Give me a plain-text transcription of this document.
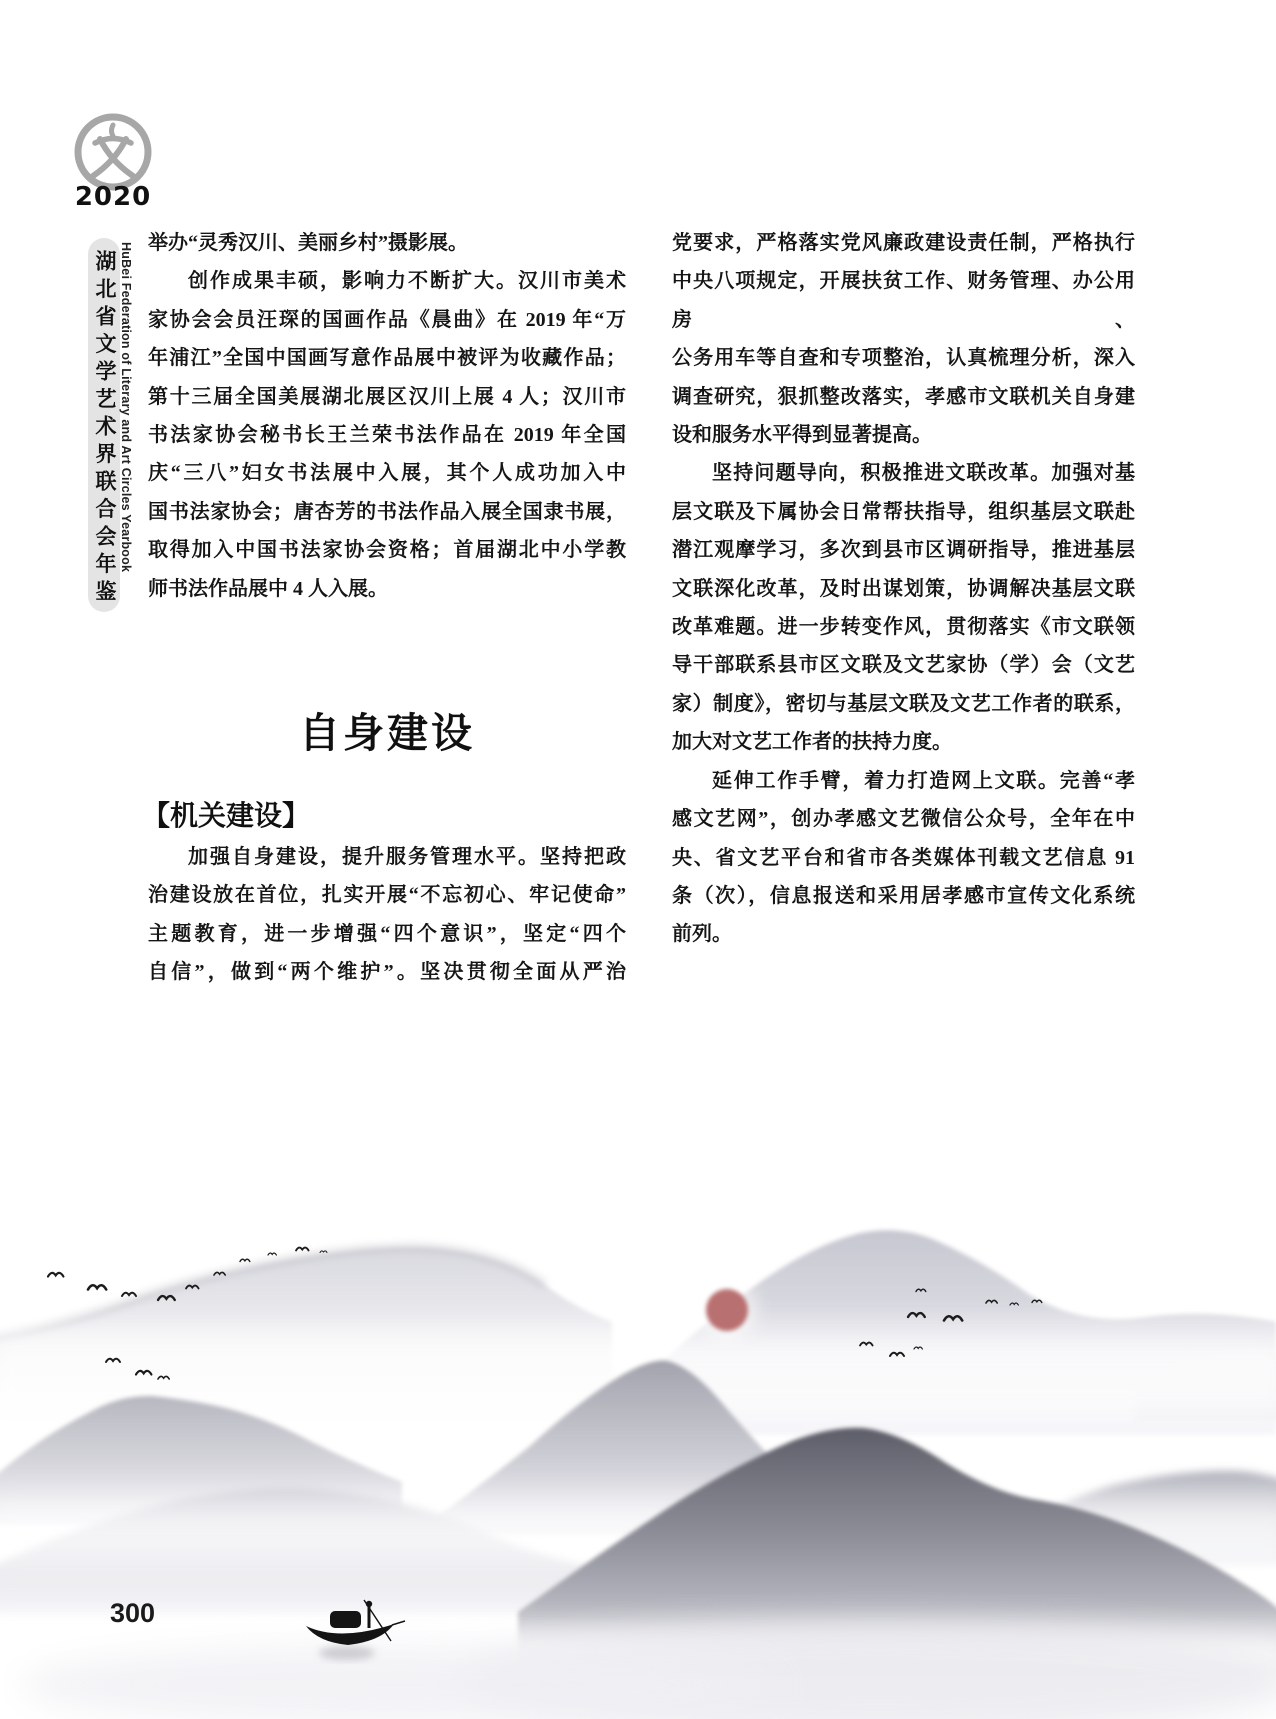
2020
湖北省文学艺术界联合会年鉴 HuBei Federation of Literary and Art Circles Yearbook 举办“灵秀汉川、美丽乡村”摄影展。
创作成果丰硕，影响力不断扩大。汉川市美术
家协会会员汪琛的国画作品《晨曲》在 2019 年“万
年浦江”全国中国画写意作品展中被评为收藏作品；
第十三届全国美展湖北展区汉川上展 4 人；汉川市
书法家协会秘书长王兰荣书法作品在 2019 年全国
庆“三八”妇女书法展中入展，其个人成功加入中
国书法家协会；唐杏芳的书法作品入展全国隶书展，
取得加入中国书法家协会资格；首届湖北中小学教
师书法作品展中 4 人入展。
自身建设
【机关建设】
加强自身建设，提升服务管理水平。坚持把政
治建设放在首位，扎实开展“不忘初心、牢记使命”
主题教育，进一步增强“四个意识”，坚定“四个
自信”，做到“两个维护”。坚决贯彻全面从严治
党要求，严格落实党风廉政建设责任制，严格执行
中央八项规定，开展扶贫工作、财务管理、办公用房、
公务用车等自查和专项整治，认真梳理分析，深入
调查研究，狠抓整改落实，孝感市文联机关自身建
设和服务水平得到显著提高。
坚持问题导向，积极推进文联改革。加强对基
层文联及下属协会日常帮扶指导，组织基层文联赴
潜江观摩学习，多次到县市区调研指导，推进基层
文联深化改革，及时出谋划策，协调解决基层文联
改革难题。进一步转变作风，贯彻落实《市文联领
导干部联系县市区文联及文艺家协（学）会（文艺
家）制度》，密切与基层文联及文艺工作者的联系，
加大对文艺工作者的扶持力度。
延伸工作手臂，着力打造网上文联。完善“孝
感文艺网”，创办孝感文艺微信公众号，全年在中
央、省文艺平台和省市各类媒体刊载文艺信息 91
条（次），信息报送和采用居孝感市宣传文化系统
前列。
300
